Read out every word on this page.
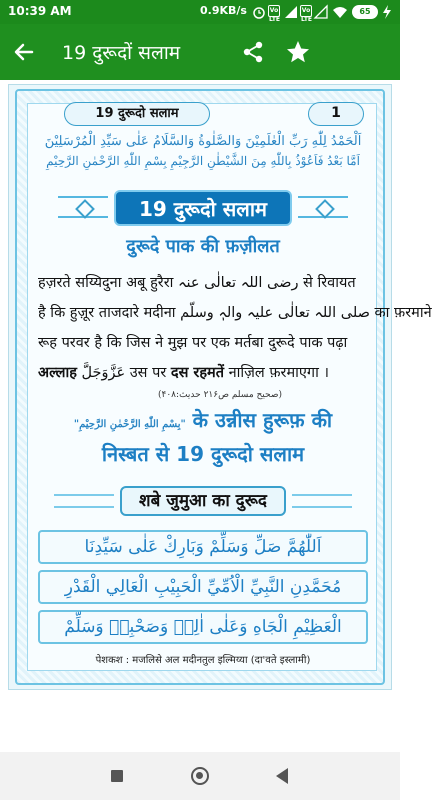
10:39 AM	0.9KB/s	Vo LTE
Vo LTE
65
19 दुरूदों सलाम
19 दुरूदो सलाम	1
اَلْحَمْدُ لِلّٰهِ رَبِّ الْعٰلَمِيْنَ وَالصَّلٰوةُ وَالسَّلَامُ عَلٰى سَيِّدِ الْمُرْسَلِيْنَ
اَمَّا بَعْدُ فَاَعُوْذُ بِاللّٰهِ مِنَ الشَّيْطٰنِ الرَّجِيْمِ بِسْمِ اللّٰهِ الرَّحْمٰنِ الرَّحِيْمِ
19 दुरूदो सलाम
दुरूदे पाक की फ़ज़ीलत
हज़रते सय्यिदुना अबू हुरैरा رضی اللہ تعالٰی عنہ से रिवायत
है कि हुज़ूर ताजदारे मदीना صلی اللہ تعالٰی علیہ والہٖ وسلّم का फ़रमाने
रूह परवर है कि जिस ने मुझ पर एक मर्तबा दुरूदे पाक पढ़ा
अल्लाह عَزَّوَجَلَّ उस पर दस रहमतें नाज़िल फ़रमाएगा ।
(صحیح مسلم ص۲۱۶ حدیث:۴۰۸)
"بِسْمِ اللّٰهِ الرَّحْمٰنِ الرَّحِيْمِ" के उन्नीस हुरूफ़ की
निस्बत से 19 दुरूदो सलाम
शबे जुमुआ का दुरूद
اَللّٰهُمَّ صَلِّ وَسَلِّمْ وَبَارِكْ عَلٰى سَيِّدِنَا
مُحَمَّدِنِ النَّبِيِّ الْاُمِّيِّ الْحَبِيْبِ الْعَالِي الْقَدْرِ
الْعَظِيْمِ الْجَاهِ وَعَلٰى اٰلِهٖ وَصَحْبِهٖ وَسَلِّمْ
पेशकश : मजलिसे अल मदीनतुल इल्मिय्या (दा'वते इस्लामी)
